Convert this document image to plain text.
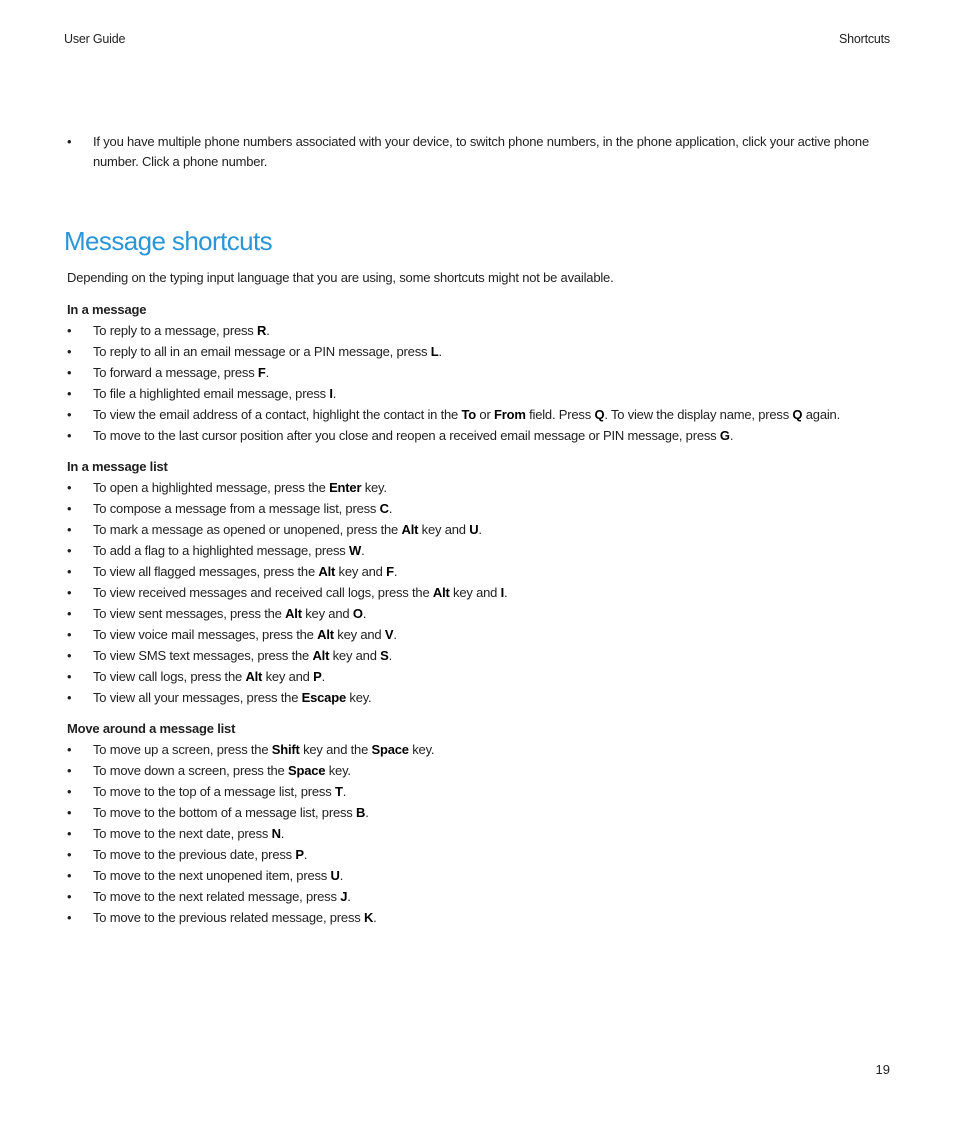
User Guide	Shortcuts
• If you have multiple phone numbers associated with your device, to switch phone numbers, in the phone application, click your active phone number. Click a phone number.
Message shortcuts
Depending on the typing input language that you are using, some shortcuts might not be available.
In a message
• To reply to a message, press R.
• To reply to all in an email message or a PIN message, press L.
• To forward a message, press F.
• To file a highlighted email message, press I.
• To view the email address of a contact, highlight the contact in the To or From field. Press Q. To view the display name, press Q again.
• To move to the last cursor position after you close and reopen a received email message or PIN message, press G.
In a message list
• To open a highlighted message, press the Enter key.
• To compose a message from a message list, press C.
• To mark a message as opened or unopened, press the Alt key and U.
• To add a flag to a highlighted message, press W.
• To view all flagged messages, press the Alt key and F.
• To view received messages and received call logs, press the Alt key and I.
• To view sent messages, press the Alt key and O.
• To view voice mail messages, press the Alt key and V.
• To view SMS text messages, press the Alt key and S.
• To view call logs, press the Alt key and P.
• To view all your messages, press the Escape key.
Move around a message list
• To move up a screen, press the Shift key and the Space key.
• To move down a screen, press the Space key.
• To move to the top of a message list, press T.
• To move to the bottom of a message list, press B.
• To move to the next date, press N.
• To move to the previous date, press P.
• To move to the next unopened item, press U.
• To move to the next related message, press J.
• To move to the previous related message, press K.
19
